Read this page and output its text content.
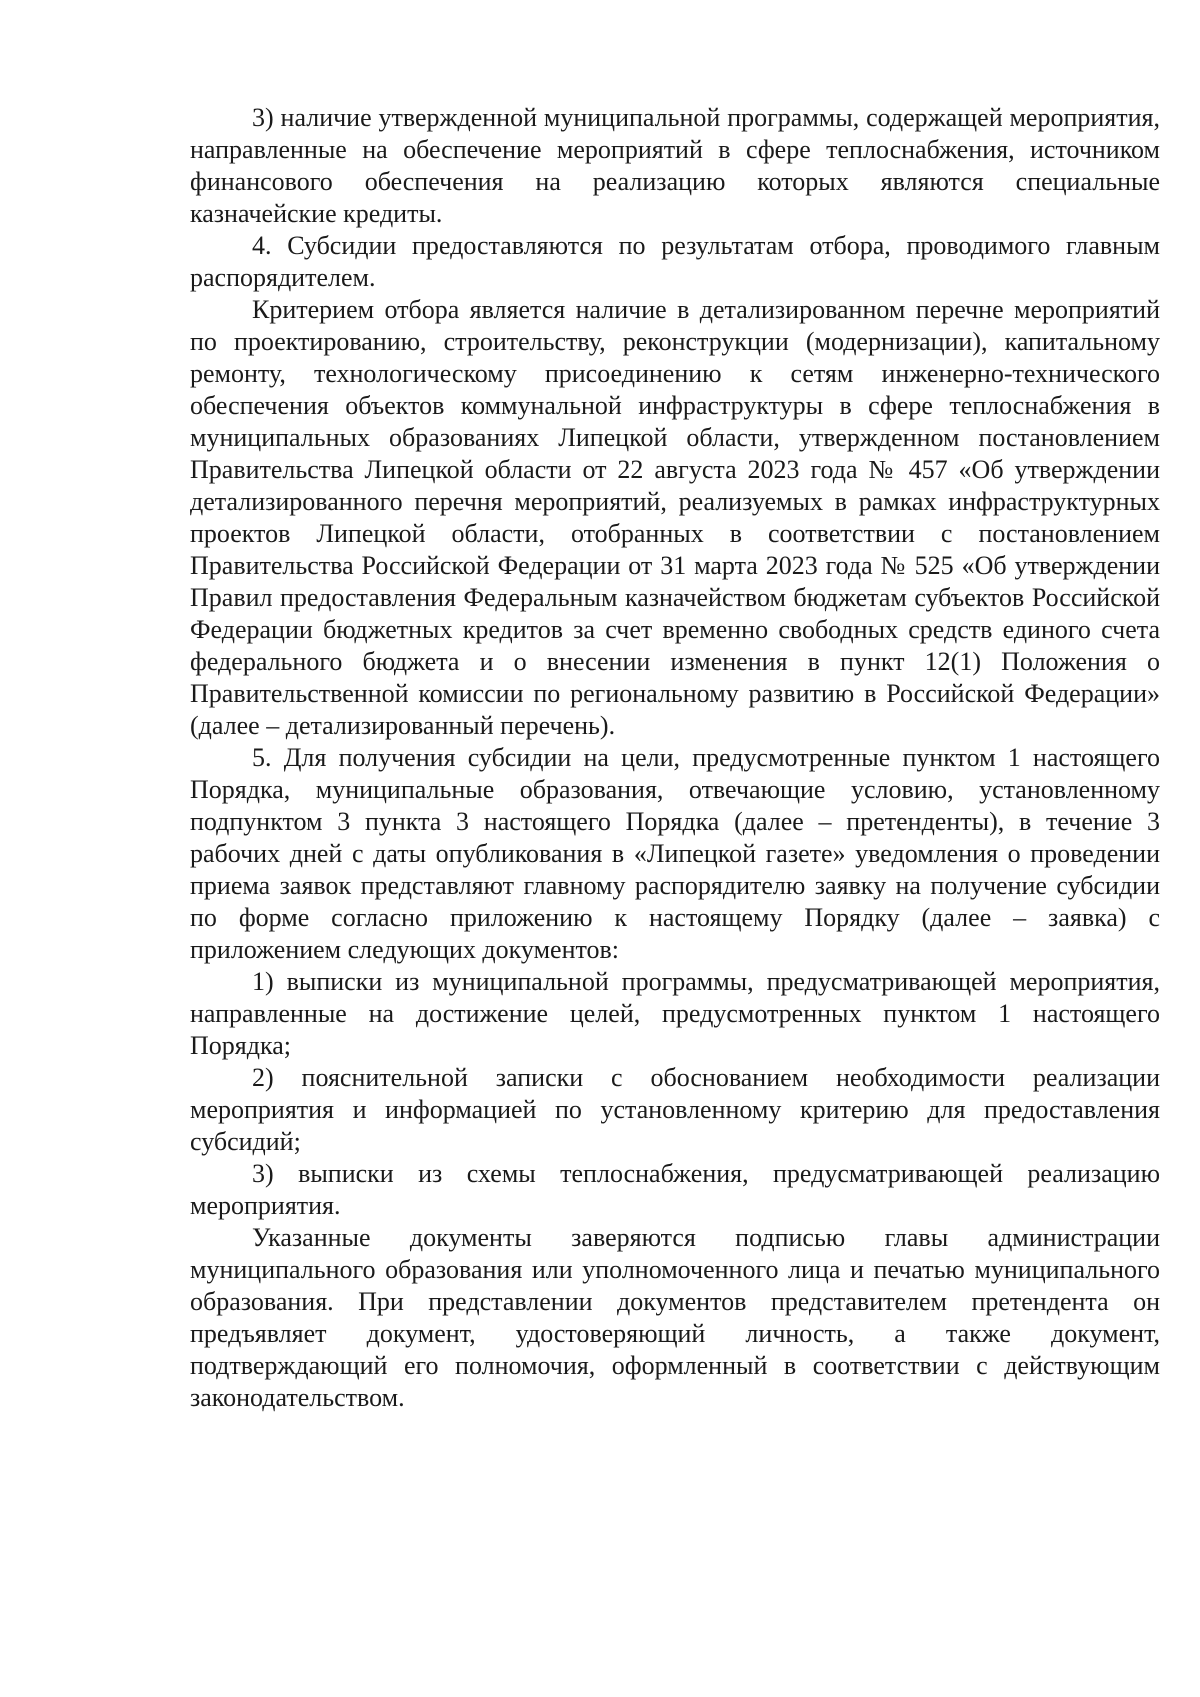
3) наличие утвержденной муниципальной программы, содержащей мероприятия, направленные на обеспечение мероприятий в сфере теплоснабжения, источником финансового обеспечения на реализацию которых являются специальные казначейские кредиты.

4. Субсидии предоставляются по результатам отбора, проводимого главным распорядителем.

Критерием отбора является наличие в детализированном перечне мероприятий по проектированию, строительству, реконструкции (модернизации), капитальному ремонту, технологическому присоединению к сетям инженерно-технического обеспечения объектов коммунальной инфраструктуры в сфере теплоснабжения в муниципальных образованиях Липецкой области, утвержденном постановлением Правительства Липецкой области от 22 августа 2023 года № 457 «Об утверждении детализированного перечня мероприятий, реализуемых в рамках инфраструктурных проектов Липецкой области, отобранных в соответствии с постановлением Правительства Российской Федерации от 31 марта 2023 года № 525 «Об утверждении Правил предоставления Федеральным казначейством бюджетам субъектов Российской Федерации бюджетных кредитов за счет временно свободных средств единого счета федерального бюджета и о внесении изменения в пункт 12(1) Положения о Правительственной комиссии по региональному развитию в Российской Федерации» (далее – детализированный перечень).

5. Для получения субсидии на цели, предусмотренные пунктом 1 настоящего Порядка, муниципальные образования, отвечающие условию, установленному подпунктом 3 пункта 3 настоящего Порядка (далее – претенденты), в течение 3 рабочих дней с даты опубликования в «Липецкой газете» уведомления о проведении приема заявок представляют главному распорядителю заявку на получение субсидии по форме согласно приложению к настоящему Порядку (далее – заявка) с приложением следующих документов:

1) выписки из муниципальной программы, предусматривающей мероприятия, направленные на достижение целей, предусмотренных пунктом 1 настоящего Порядка;

2) пояснительной записки с обоснованием необходимости реализации мероприятия и информацией по установленному критерию для предоставления субсидий;

3) выписки из схемы теплоснабжения, предусматривающей реализацию мероприятия.

Указанные документы заверяются подписью главы администрации муниципального образования или уполномоченного лица и печатью муниципального образования. При представлении документов представителем претендента он предъявляет документ, удостоверяющий личность, а также документ, подтверждающий его полномочия, оформленный в соответствии с действующим законодательством.
